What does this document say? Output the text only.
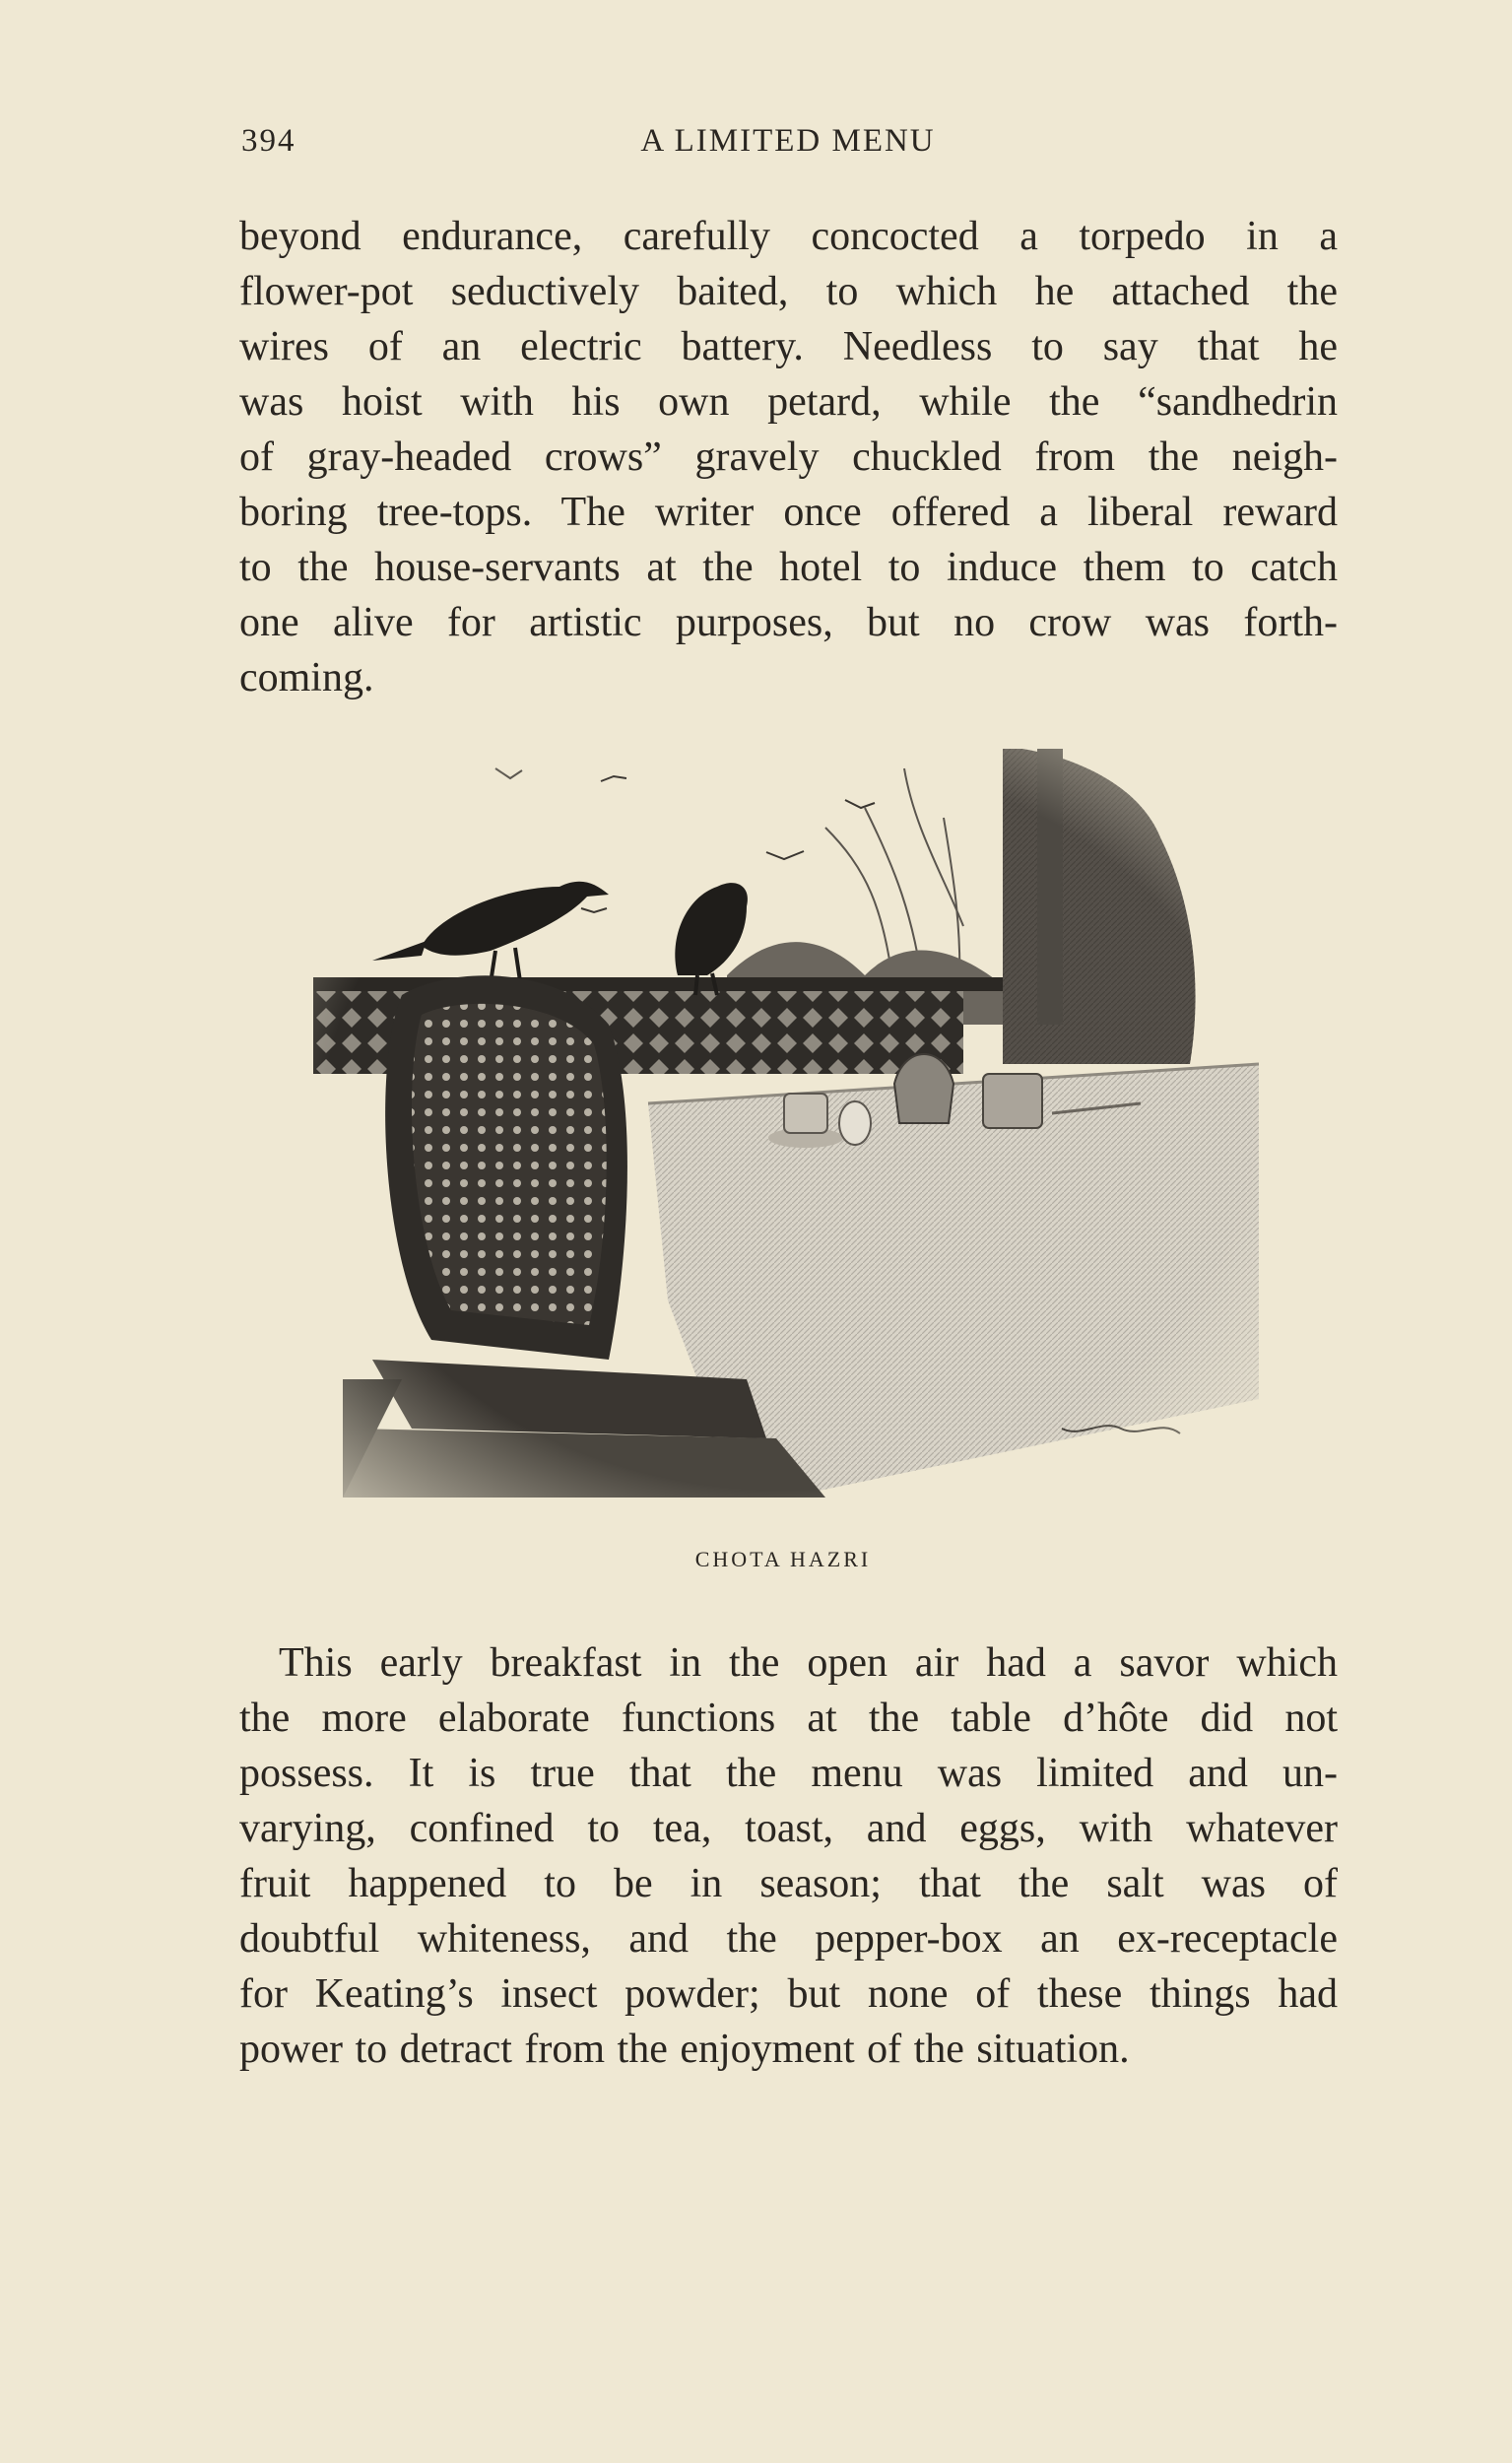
394	A LIMITED MENU

beyond endurance, carefully concocted a torpedo in a
flower-pot seductively baited, to which he attached the
wires of an electric battery. Needless to say that he
was hoist with his own petard, while the “sandhedrin
of gray-headed crows” gravely chuckled from the neigh-
boring tree-tops. The writer once offered a liberal reward
to the house-servants at the hotel to induce them to catch
one alive for artistic purposes, but no crow was forth-
coming.

CHOTA HAZRI

This early breakfast in the open air had a savor which
the more elaborate functions at the table d’hôte did not
possess. It is true that the menu was limited and un-
varying, confined to tea, toast, and eggs, with whatever
fruit happened to be in season; that the salt was of
doubtful whiteness, and the pepper-box an ex-receptacle
for Keating’s insect powder; but none of these things had
power to detract from the enjoyment of the situation.
